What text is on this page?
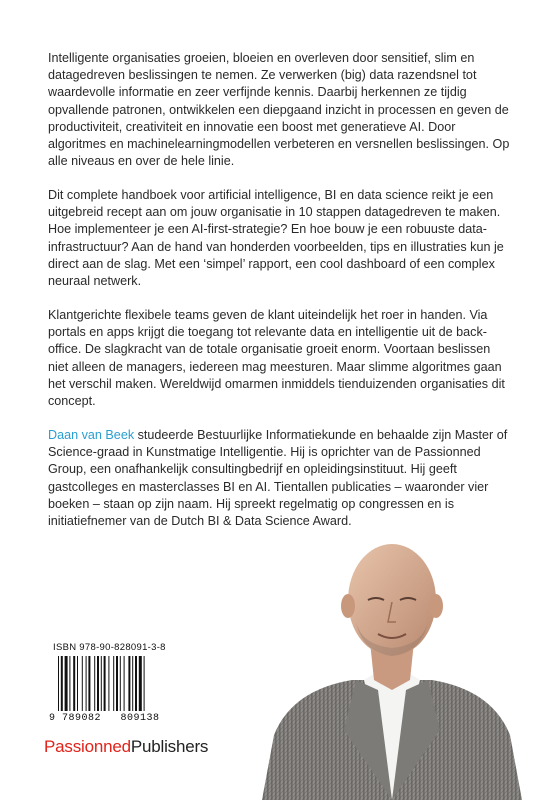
Intelligente organisaties groeien, bloeien en overleven door sensitief, slim en datagedreven beslissingen te nemen. Ze verwerken (big) data razendsnel tot waardevolle informatie en zeer verfijnde kennis. Daarbij herkennen ze tijdig opvallende patronen, ontwikkelen een diepgaand inzicht in processen en geven de productiviteit, creativiteit en innovatie een boost met generatieve AI. Door algoritmes en machinelearningmodellen verbeteren en versnellen beslissingen. Op alle niveaus en over de hele linie.

Dit complete handboek voor artificial intelligence, BI en data science reikt je een uitgebreid recept aan om jouw organisatie in 10 stappen datagedreven te maken. Hoe implementeer je een AI-first-strategie? En hoe bouw je een robuuste data-infrastructuur? Aan de hand van honderden voorbeelden, tips en illustraties kun je direct aan de slag. Met een ‘simpel’ rapport, een cool dashboard of een complex neuraal netwerk.

Klantgerichte flexibele teams geven de klant uiteindelijk het roer in handen. Via portals en apps krijgt die toegang tot relevante data en intelligentie uit de back-office. De slagkracht van de totale organisatie groeit enorm. Voortaan beslissen niet alleen de managers, iedereen mag meesturen. Maar slimme algoritmes gaan het verschil maken. Wereldwijd omarmen inmiddels tienduizenden organisaties dit concept.

Daan van Beek studeerde Bestuurlijke Informatiekunde en behaalde zijn Master of Science-graad in Kunstmatige Intelligentie. Hij is oprichter van de Passionned Group, een onafhankelijk consultingbedrijf en opleidingsinstituut. Hij geeft gastcolleges en masterclasses BI en AI. Tientallen publicaties – waaronder vier boeken – staan op zijn naam. Hij spreekt regelmatig op congressen en is initiatiefnemer van de Dutch BI & Data Science Award.

ISBN 978-90-828091-3-8
9 789082   809138
PassionnedPublishers
